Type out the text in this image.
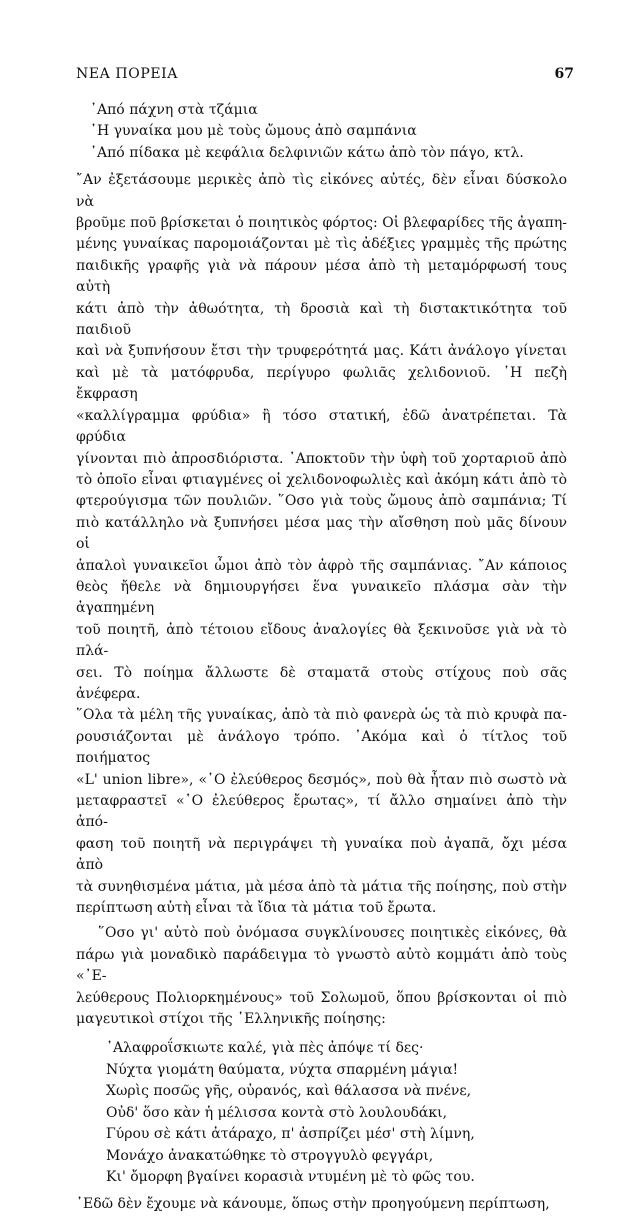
ΝΕΑ ΠΟΡΕΙΑ	67
᾿Από πάχνη στὰ τζάμια
῾Η γυναίκα μου μὲ τοὺς ὤμους ἀπὸ σαμπάνια
᾿Από πίδακα μὲ κεφάλια δελφινιῶν κάτω ἀπὸ τὸν πάγο, κτλ.
῎Αν ἐξετάσουμε μερικὲς ἀπὸ τὶς εἰκόνες αὐτές, δὲν εἶναι δύσκολο νὰ
βροῦμε ποῦ βρίσκεται ὁ ποιητικὸς φόρτος: Οἱ βλεφαρίδες τῆς ἀγαπη-
μένης γυναίκας παρομοιάζονται μὲ τὶς ἀδέξιες γραμμὲς τῆς πρώτης
παιδικῆς γραφῆς γιὰ νὰ πάρουν μέσα ἀπὸ τὴ μεταμόρφωσή τους αὐτὴ
κάτι ἀπὸ τὴν ἀθωότητα, τὴ δροσιὰ καὶ τὴ διστακτικότητα τοῦ παιδιοῦ
καὶ νὰ ξυπνήσουν ἔτσι τὴν τρυφερότητά μας. Κάτι ἀνάλογο γίνεται
καὶ μὲ τὰ ματόφρυδα, περίγυρο φωλιᾶς χελιδονιοῦ. ῾Η πεζὴ ἔκφραση
«καλλίγραμμα φρύδια» ἢ τόσο στατική, ἐδῶ ἀνατρέπεται. Τὰ φρύδια
γίνονται πιὸ ἀπροσδιόριστα. ᾿Αποκτοῦν τὴν ὑφὴ τοῦ χορταριοῦ ἀπὸ
τὸ ὁποῖο εἶναι φτιαγμένες οἱ χελιδονοφωλιὲς καὶ ἀκόμη κάτι ἀπὸ τὸ
φτερούγισμα τῶν πουλιῶν. ῞Οσο γιὰ τοὺς ὤμους ἀπὸ σαμπάνια; Τί
πιὸ κατάλληλο νὰ ξυπνήσει μέσα μας τὴν αἴσθηση ποὺ μᾶς δίνουν οἱ
ἁπαλοὶ γυναικεῖοι ὦμοι ἀπὸ τὸν ἀφρὸ τῆς σαμπάνιας. ῎Αν κάποιος
θεὸς ἤθελε νὰ δημιουργήσει ἕνα γυναικεῖο πλάσμα σὰν τὴν ἀγαπημένη
τοῦ ποιητῆ, ἀπὸ τέτοιου εἴδους ἀναλογίες θὰ ξεκινοῦσε γιὰ νὰ τὸ πλά-
σει. Τὸ ποίημα ἄλλωστε δὲ σταματᾶ στοὺς στίχους ποὺ σᾶς ἀνέφερα.
῞Ολα τὰ μέλη τῆς γυναίκας, ἀπὸ τὰ πιὸ φανερὰ ὡς τὰ πιὸ κρυφὰ πα-
ρουσιάζονται μὲ ἀνάλογο τρόπο. ᾿Ακόμα καὶ ὁ τίτλος τοῦ ποιήματος
«L' union libre», «῾Ο ἐλεύθερος δεσμός», ποὺ θὰ ἦταν πιὸ σωστὸ νὰ
μεταφραστεῖ «῾Ο ἐλεύθερος ἔρωτας», τί ἄλλο σημαίνει ἀπὸ τὴν ἀπό-
φαση τοῦ ποιητῆ νὰ περιγράψει τὴ γυναίκα ποὺ ἀγαπᾶ, ὄχι μέσα ἀπὸ
τὰ συνηθισμένα μάτια, μὰ μέσα ἀπὸ τὰ μάτια τῆς ποίησης, ποὺ στὴν
περίπτωση αὐτὴ εἶναι τὰ ἴδια τὰ μάτια τοῦ ἔρωτα.
῞Οσο γι' αὐτὸ ποὺ ὀνόμασα συγκλίνουσες ποιητικὲς εἰκόνες, θὰ
πάρω γιὰ μοναδικὸ παράδειγμα τὸ γνωστὸ αὐτὸ κομμάτι ἀπὸ τοὺς «᾿Ε-
λεύθερους Πολιορκημένους» τοῦ Σολωμοῦ, ὅπου βρίσκονται οἱ πιὸ
μαγευτικοὶ στίχοι τῆς ῾Ελληνικῆς ποίησης:
᾿Αλαφροΐσκιωτε καλέ, γιὰ πὲς ἀπόψε τί δες·
Νύχτα γιομάτη θαύματα, νύχτα σπαρμένη μάγια!
Χωρὶς ποσῶς γῆς, οὐρανός, καὶ θάλασσα νὰ πνένε,
Οὐδ' ὅσο κὰν ἡ μέλισσα κοντὰ στὸ λουλουδάκι,
Γύρου σὲ κάτι ἀτάραχο, π' ἀσπρίζει μέσ' στὴ λίμνη,
Μονάχο ἀνακατώθηκε τὸ στρογγυλὸ φεγγάρι,
Κι' ὄμορφη βγαίνει κορασιὰ ντυμένη μὲ τὸ φῶς του.
᾿Εδῶ δὲν ἔχουμε νὰ κάνουμε, ὅπως στὴν προηγούμενη περίπτωση,
